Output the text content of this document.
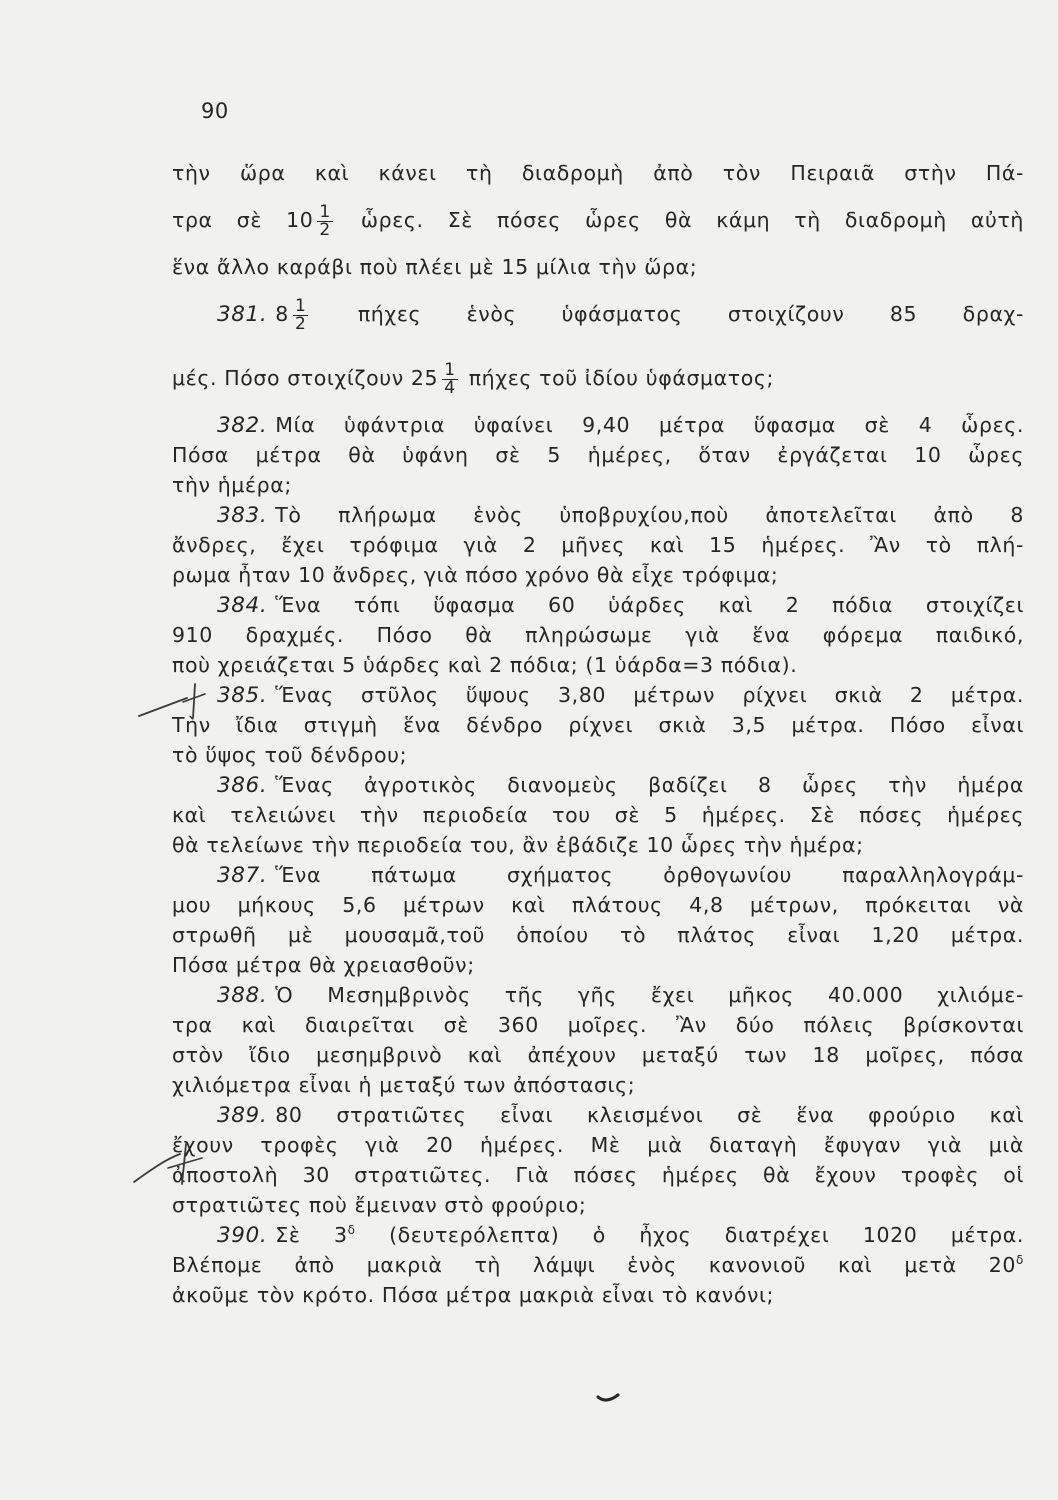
90
τὴν ὥρα καὶ κάνει τὴ διαδρομὴ ἀπὸ τὸν Πειραιᾶ στὴν Πά-
τρα σὲ $10 \frac{1}{2}$ ὧρες. Σὲ πόσες ὧρες θὰ κάμη τὴ διαδρομὴ αὐτὴ
ἕνα ἄλλο καράβι ποὺ πλέει μὲ 15 μίλια τὴν ὥρα;
381. $8 \frac{1}{2}$ πήχες ἑνὸς ὑφάσματος στοιχίζουν 85 δραχ-
μές. Πόσο στοιχίζουν $25 \frac{1}{4}$ πήχες τοῦ ἰδίου ὑφάσματος;
382. Μία ὑφάντρια ὑφαίνει 9,40 μέτρα ὕφασμα σὲ 4 ὧρες.
Πόσα μέτρα θὰ ὑφάνη σὲ 5 ἡμέρες, ὅταν ἐργάζεται 10 ὧρες
τὴν ἡμέρα;
383. Τὸ πλήρωμα ἑνὸς ὑποβρυχίου,ποὺ ἀποτελεῖται ἀπὸ 8
ἄνδρες, ἔχει τρόφιμα γιὰ 2 μῆνες καὶ 15 ἡμέρες. Ἂν τὸ πλή-
ρωμα ἦταν 10 ἄνδρες, γιὰ πόσο χρόνο θὰ εἶχε τρόφιμα;
384. Ἕνα τόπι ὕφασμα 60 ὑάρδες καὶ 2 πόδια στοιχίζει
910 δραχμές. Πόσο θὰ πληρώσωμε γιὰ ἕνα φόρεμα παιδικό,
ποὺ χρειάζεται 5 ὑάρδες καὶ 2 πόδια; (1 ὑάρδα=3 πόδια).
385. Ἕνας στῦλος ὕψους 3,80 μέτρων ρίχνει σκιὰ 2 μέτρα.
Τὴν ἴδια στιγμὴ ἕνα δένδρο ρίχνει σκιὰ 3,5 μέτρα. Πόσο εἶναι
τὸ ὕψος τοῦ δένδρου;
386. Ἕνας ἀγροτικὸς διανομεὺς βαδίζει 8 ὧρες τὴν ἡμέρα
καὶ τελειώνει τὴν περιοδεία του σὲ 5 ἡμέρες. Σὲ πόσες ἡμέρες
θὰ τελείωνε τὴν περιοδεία του, ἂν ἐβάδιζε 10 ὧρες τὴν ἡμέρα;
387. Ἕνα πάτωμα σχήματος ὀρθογωνίου παραλληλογράμ-
μου μήκους 5,6 μέτρων καὶ πλάτους 4,8 μέτρων, πρόκειται νὰ
στρωθῆ μὲ μουσαμᾶ,τοῦ ὁποίου τὸ πλάτος εἶναι 1,20 μέτρα.
Πόσα μέτρα θὰ χρειασθοῦν;
388. Ὁ Μεσημβρινὸς τῆς γῆς ἔχει μῆκος 40.000 χιλιόμε-
τρα καὶ διαιρεῖται σὲ 360 μοῖρες. Ἂν δύο πόλεις βρίσκονται
στὸν ἴδιο μεσημβρινὸ καὶ ἀπέχουν μεταξύ των 18 μοῖρες, πόσα
χιλιόμετρα εἶναι ἡ μεταξύ των ἀπόστασις;
389. 80 στρατιῶτες εἶναι κλεισμένοι σὲ ἕνα φρούριο καὶ
ἔχουν τροφὲς γιὰ 20 ἡμέρες. Μὲ μιὰ διαταγὴ ἔφυγαν γιὰ μιὰ
ἀποστολὴ 30 στρατιῶτες. Γιὰ πόσες ἡμέρες θὰ ἔχουν τροφὲς οἱ
στρατιῶτες ποὺ ἔμειναν στὸ φρούριο;
390. Σὲ $3^\delta$ (δευτερόλεπτα) ὁ ἦχος διατρέχει 1020 μέτρα.
Βλέπομε ἀπὸ μακριὰ τὴ λάμψι ἑνὸς κανονιοῦ καὶ μετὰ $20^\delta$
ἀκοῦμε τὸν κρότο. Πόσα μέτρα μακριὰ εἶναι τὸ κανόνι;
